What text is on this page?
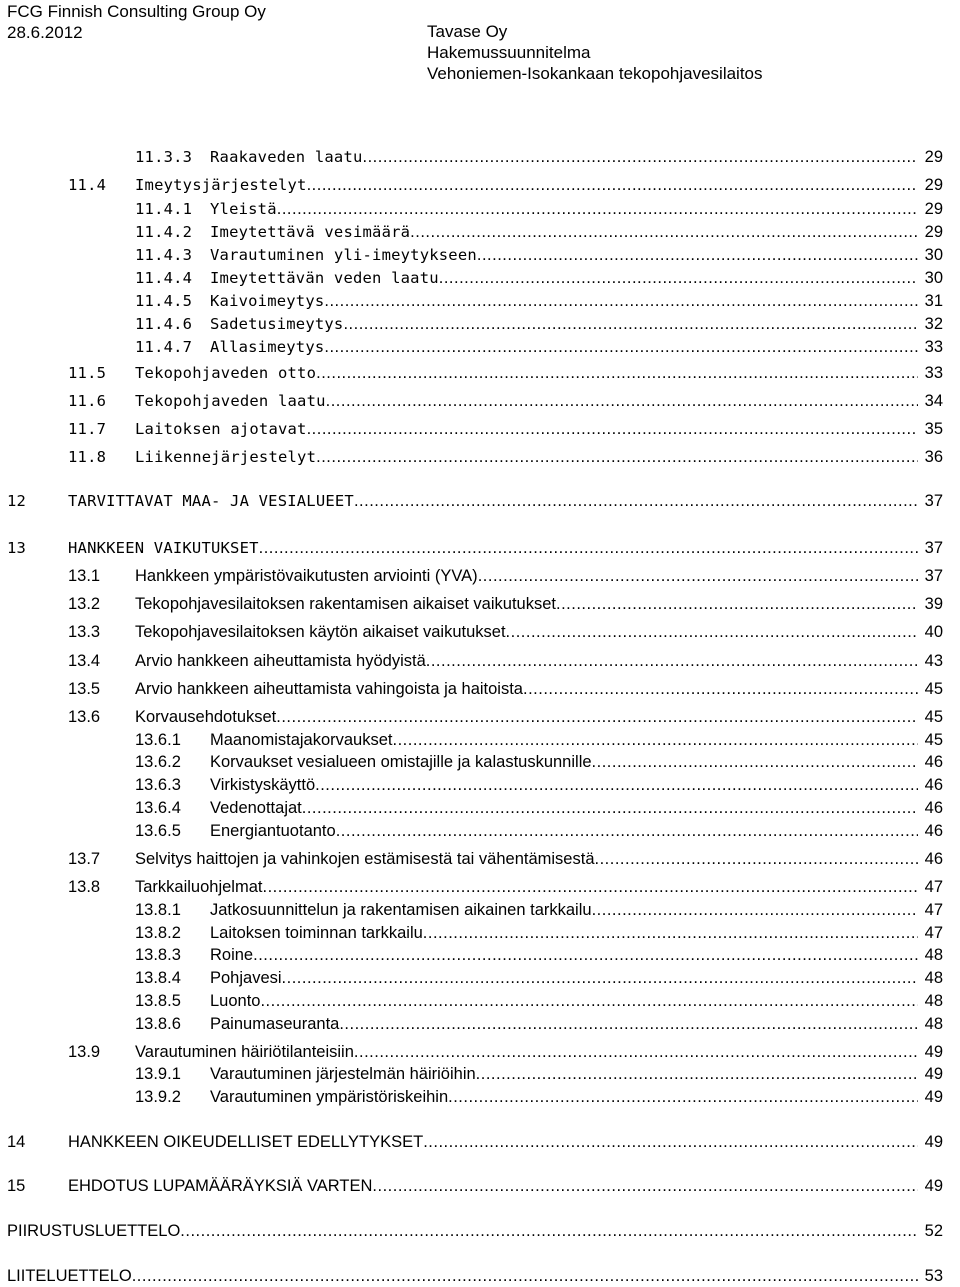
FCG Finnish Consulting Group Oy
28.6.2012	Tavase Oy
Hakemussuunnitelma
Vehoniemen-Isokankaan tekopohjavesilaitos
11.3.3 Raakaveden laatu .....	29
11.4 Imeytysjärjestelyt .....	29
11.4.1 Yleistä .....	29
11.4.2 Imeytettävä vesimäärä .....	29
11.4.3 Varautuminen yli-imeytykseen .....	30
11.4.4 Imeytettävän veden laatu .....	30
11.4.5 Kaivoimeytys .....	31
11.4.6 Sadetusimeytys .....	32
11.4.7 Allasimeytys .....	33
11.5 Tekopohjaveden otto .....	33
11.6 Tekopohjaveden laatu .....	34
11.7 Laitoksen ajotavat .....	35
11.8 Liikennejärjestelyt .....	36
12	TARVITTAVAT MAA- JA VESIALUEET .....	37
13	HANKKEEN VAIKUTUKSET .....	37
13.1 Hankkeen ympäristövaikutusten arviointi (YVA) .....	37
13.2 Tekopohjavesilaitoksen rakentamisen aikaiset vaikutukset .....	39
13.3 Tekopohjavesilaitoksen käytön aikaiset vaikutukset .....	40
13.4 Arvio hankkeen aiheuttamista hyödyistä .....	43
13.5 Arvio hankkeen aiheuttamista vahingoista ja haitoista .....	45
13.6 Korvausehdotukset .....	45
13.6.1 Maanomistajakorvaukset .....	45
13.6.2 Korvaukset vesialueen omistajille ja kalastuskunnille .....	46
13.6.3 Virkistyskäyttö .....	46
13.6.4 Vedenottajat .....	46
13.6.5 Energiantuotanto .....	46
13.7 Selvitys haittojen ja vahinkojen estämisestä tai vähentämisestä .....	46
13.8 Tarkkailuohjelmat .....	47
13.8.1 Jatkosuunnittelun ja rakentamisen aikainen tarkkailu .....	47
13.8.2 Laitoksen toiminnan tarkkailu .....	47
13.8.3 Roine .....	48
13.8.4 Pohjavesi .....	48
13.8.5 Luonto .....	48
13.8.6 Painumaseuranta .....	48
13.9 Varautuminen häiriötilanteisiin .....	49
13.9.1 Varautuminen järjestelmän häiriöihin .....	49
13.9.2 Varautuminen ympäristöriskeihin .....	49
14	HANKKEEN OIKEUDELLISET EDELLYTYKSET .....	49
15	EHDOTUS LUPAMÄÄRÄYKSIÄ VARTEN .....	49
PIIRUSTUSLUETTELO .....	52
LIITELUETTELO .....	53
